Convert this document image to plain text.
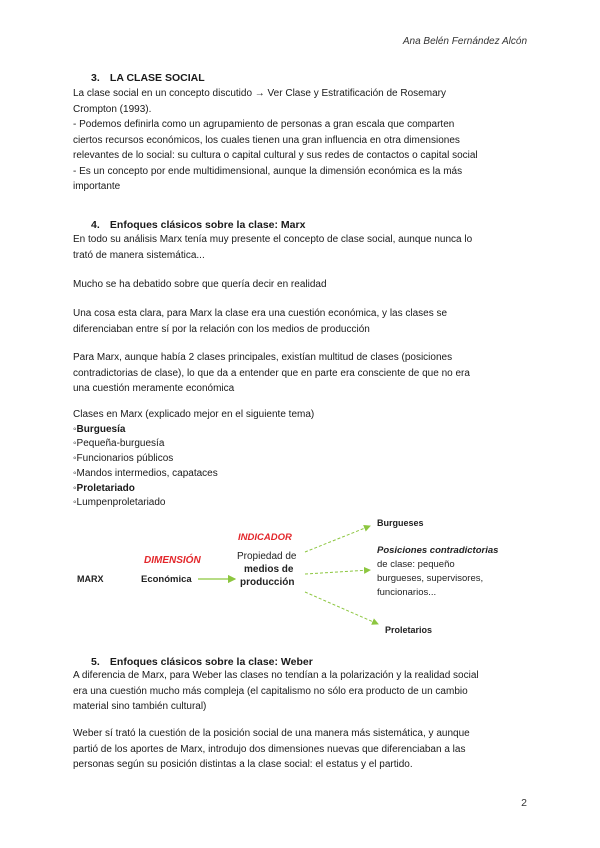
Ana Belén Fernández Alcón
3. LA CLASE SOCIAL
La clase social en un concepto discutido → Ver Clase y Estratificación de Rosemary
Crompton (1993).
- Podemos definirla como un agrupamiento de personas a gran escala que comparten
ciertos recursos económicos, los cuales tienen una gran influencia en otra dimensiones
relevantes de lo social: su cultura o capital cultural y sus redes de contactos o capital social
- Es un concepto por ende multidimensional, aunque la dimensión económica es la más
importante
4. Enfoques clásicos sobre la clase: Marx
En todo su análisis Marx tenía muy presente el concepto de clase social, aunque nunca lo
trató de manera sistemática...
Mucho se ha debatido sobre que quería decir en realidad
Una cosa esta clara, para Marx la clase era una cuestión económica, y las clases se
diferenciaban entre sí por la relación con los medios de producción
Para Marx, aunque había 2 clases principales, existían multitud de clases (posiciones
contradictorias de clase), lo que da a entender que en parte era consciente de que no era
una cuestión meramente económica
Clases en Marx (explicado mejor en el siguiente tema)
◦Burguesía
◦Pequeña-burguesía
◦Funcionarios públicos
◦Mandos intermedios, capataces
◦Proletariado
◦Lumpenproletariado
MARX
DIMENSIÓN
Económica
INDICADOR
Propiedad de
medios de
producción
Burgueses
Posiciones contradictorias
de clase: pequeño
burgueses, supervisores,
funcionarios...
Proletarios
5. Enfoques clásicos sobre la clase: Weber
A diferencia de Marx, para Weber las clases no tendían a la polarización y la realidad social
era una cuestión mucho más compleja (el capitalismo no sólo era producto de un cambio
material sino también cultural)
Weber sí trató la cuestión de la posición social de una manera más sistemática, y aunque
partió de los aportes de Marx, introdujo dos dimensiones nuevas que diferenciaban a las
personas según su posición distintas a la clase social: el estatus y el partido.
2
